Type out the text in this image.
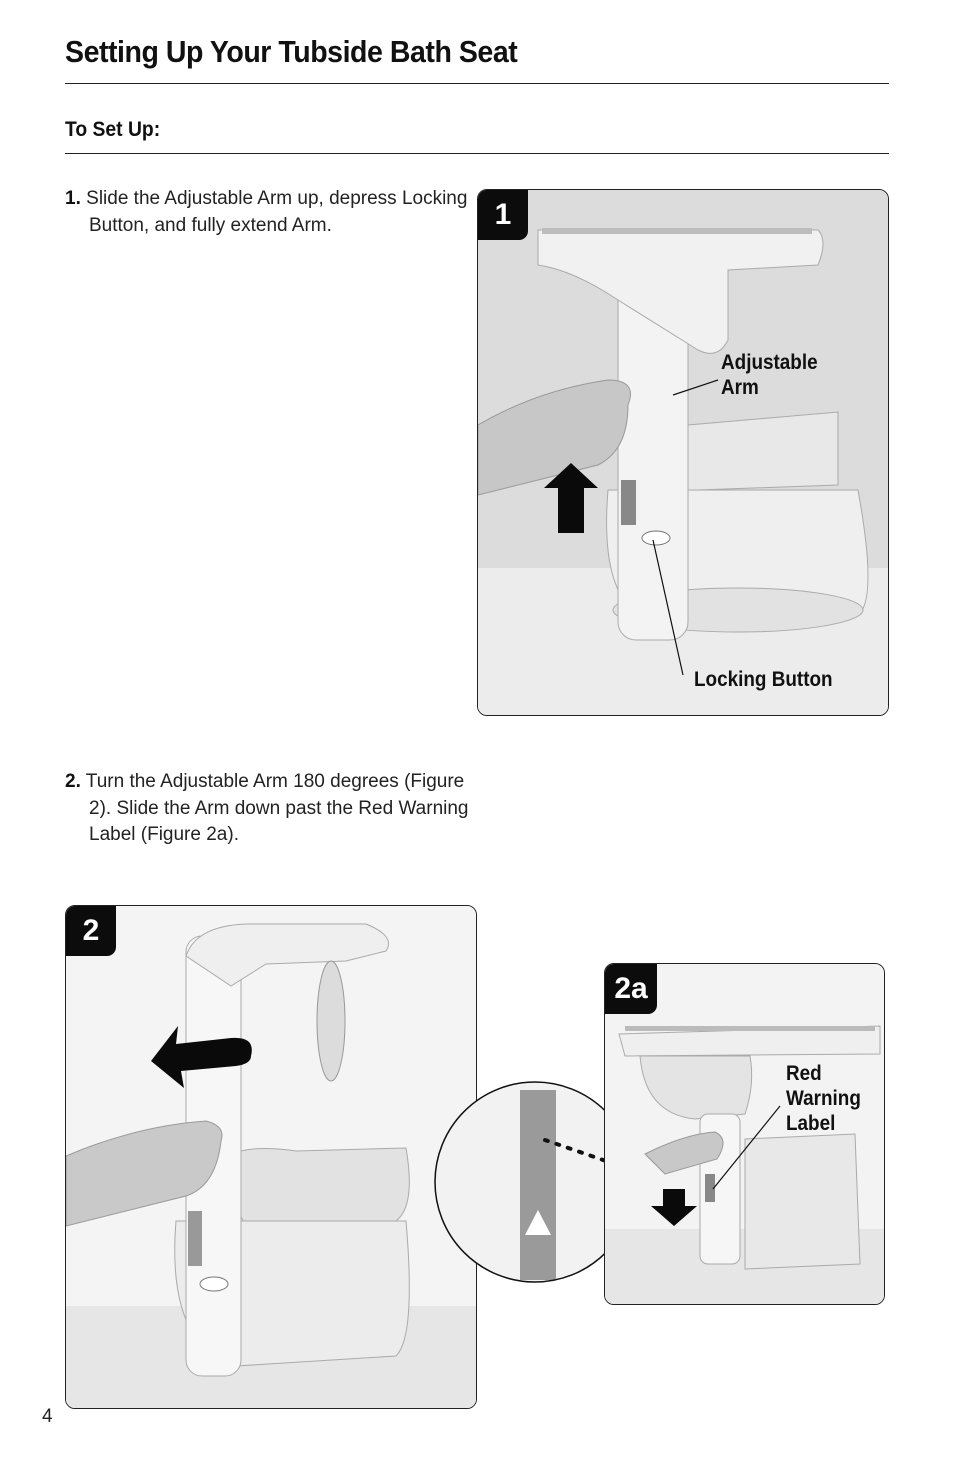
Setting Up Your Tubside Bath Seat
To Set Up:

1. Slide the Adjustable Arm up, depress Locking Button, and fully extend Arm.

2. Turn the Adjustable Arm 180 degrees (Figure 2). Slide the Arm down past the Red Warning Label (Figure 2a).

1
Adjustable
Arm
Locking Button
2
2a
Red
Warning
Label
4
